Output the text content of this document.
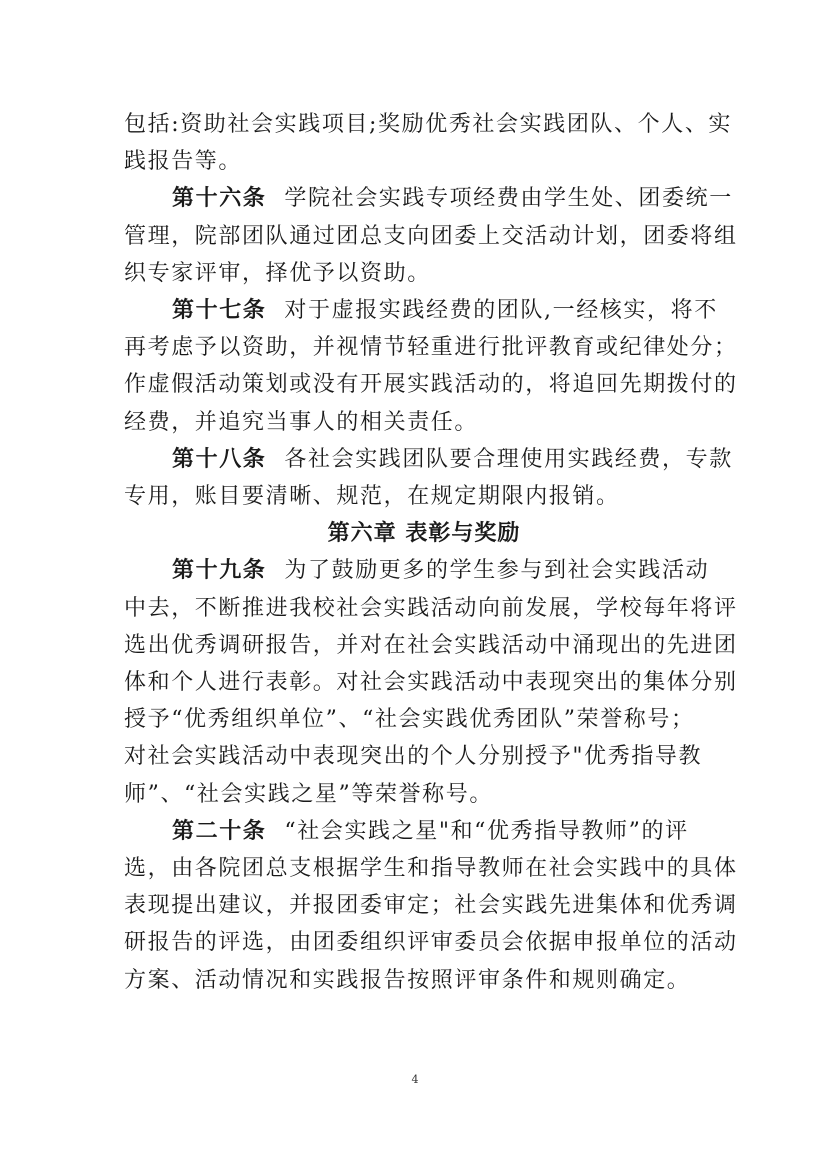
包括:资助社会实践项目;奖励优秀社会实践团队、个人、实
践报告等。

第十六条 学院社会实践专项经费由学生处、团委统一
管理，院部团队通过团总支向团委上交活动计划，团委将组
织专家评审，择优予以资助。

第十七条 对于虚报实践经费的团队,一经核实，将不
再考虑予以资助，并视情节轻重进行批评教育或纪律处分；
作虚假活动策划或没有开展实践活动的，将追回先期拨付的
经费，并追究当事人的相关责任。

第十八条 各社会实践团队要合理使用实践经费，专款
专用，账目要清晰、规范，在规定期限内报销。

第六章 表彰与奖励

第十九条 为了鼓励更多的学生参与到社会实践活动
中去，不断推进我校社会实践活动向前发展，学校每年将评
选出优秀调研报告，并对在社会实践活动中涌现出的先进团
体和个人进行表彰。对社会实践活动中表现突出的集体分别
授予“优秀组织单位”、“社会实践优秀团队”荣誉称号；
对社会实践活动中表现突出的个人分别授予"优秀指导教
师”、“社会实践之星”等荣誉称号。

第二十条 “社会实践之星"和“优秀指导教师”的评
选，由各院团总支根据学生和指导教师在社会实践中的具体
表现提出建议，并报团委审定；社会实践先进集体和优秀调
研报告的评选，由团委组织评审委员会依据申报单位的活动
方案、活动情况和实践报告按照评审条件和规则确定。

4
